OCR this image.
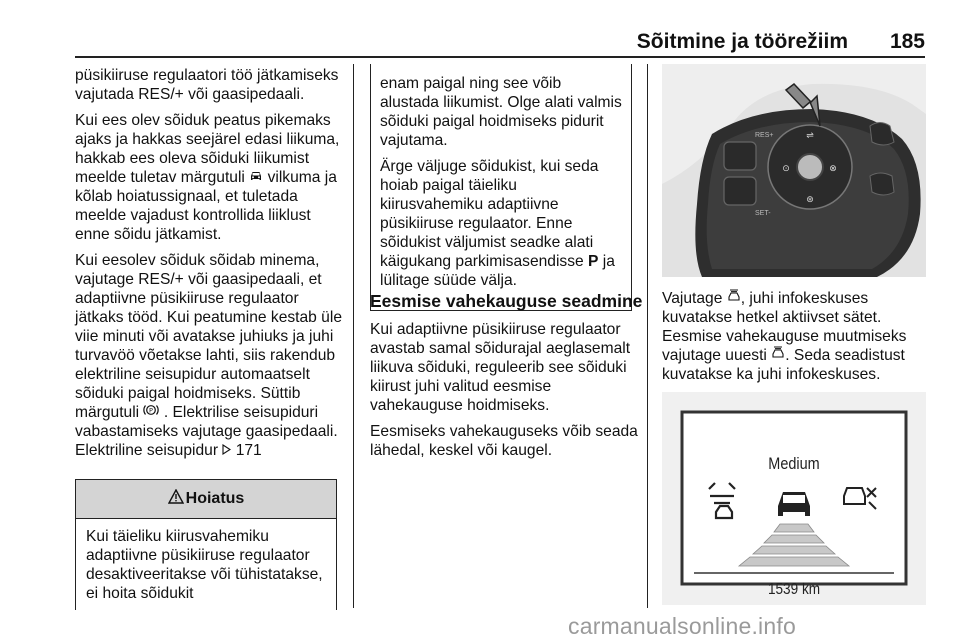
Sõitmine ja töörežiim 185

püsikiiruse regulaatori töö jätkamiseks vajutada RES/+ või gaasipedaali.

Kui ees olev sõiduk peatus pikemaks ajaks ja hakkas seejärel edasi liikuma, hakkab ees oleva sõiduki liikumist meelde tuletav märgutuli vilkuma ja kõlab hoiatussignaal, et tuletada meelde vajadust kontrollida liiklust enne sõidu jätkamist.

Kui eesolev sõiduk sõidab minema, vajutage RES/+ või gaasipedaali, et adaptiivne püsikiiruse regulaator jätkaks tööd. Kui peatumine kestab üle viie minuti või avatakse juhiuks ja juhi turvavöö võetakse lahti, siis rakendub elektriline seisupidur automaatselt sõiduki paigal hoidmiseks. Süttib märgutuli P . Elektrilise seisupiduri vabastamiseks vajutage gaasipedaali. Elektriline seisupidur 171

Hoiatus
Kui täieliku kiirusvahemiku adaptiivne püsikiiruse regulaator desaktiveeritakse või tühistatakse, ei hoita sõidukit

enam paigal ning see võib alustada liikumist. Olge alati valmis sõiduki paigal hoidmiseks pidurit vajutama.

Ärge väljuge sõidukist, kui seda hoiab paigal täieliku kiirusvahemiku adaptiivne püsikiiruse regulaator. Enne sõidukist väljumist seadke alati käigukang parkimisasendisse P ja lülitage süüde välja.

Eesmise vahekauguse seadmine

Kui adaptiivne püsikiiruse regulaator avastab samal sõidurajal aeglasemalt liikuva sõiduki, reguleerib see sõiduki kiirust juhi valitud eesmise vahekauguse hoidmiseks.

Eesmiseks vahekauguseks võib seada lähedal, keskel või kaugel.

RES+
SET-
⇌
⊙	⊗
⊛
Vajutage , juhi infokeskuses kuvatakse hetkel aktiivset sätet. Eesmise vahekauguse muutmiseks vajutage uuesti . Seda seadistust kuvatakse ka juhi infokeskuses.
Medium
1539 km
carmanualsonline.info
